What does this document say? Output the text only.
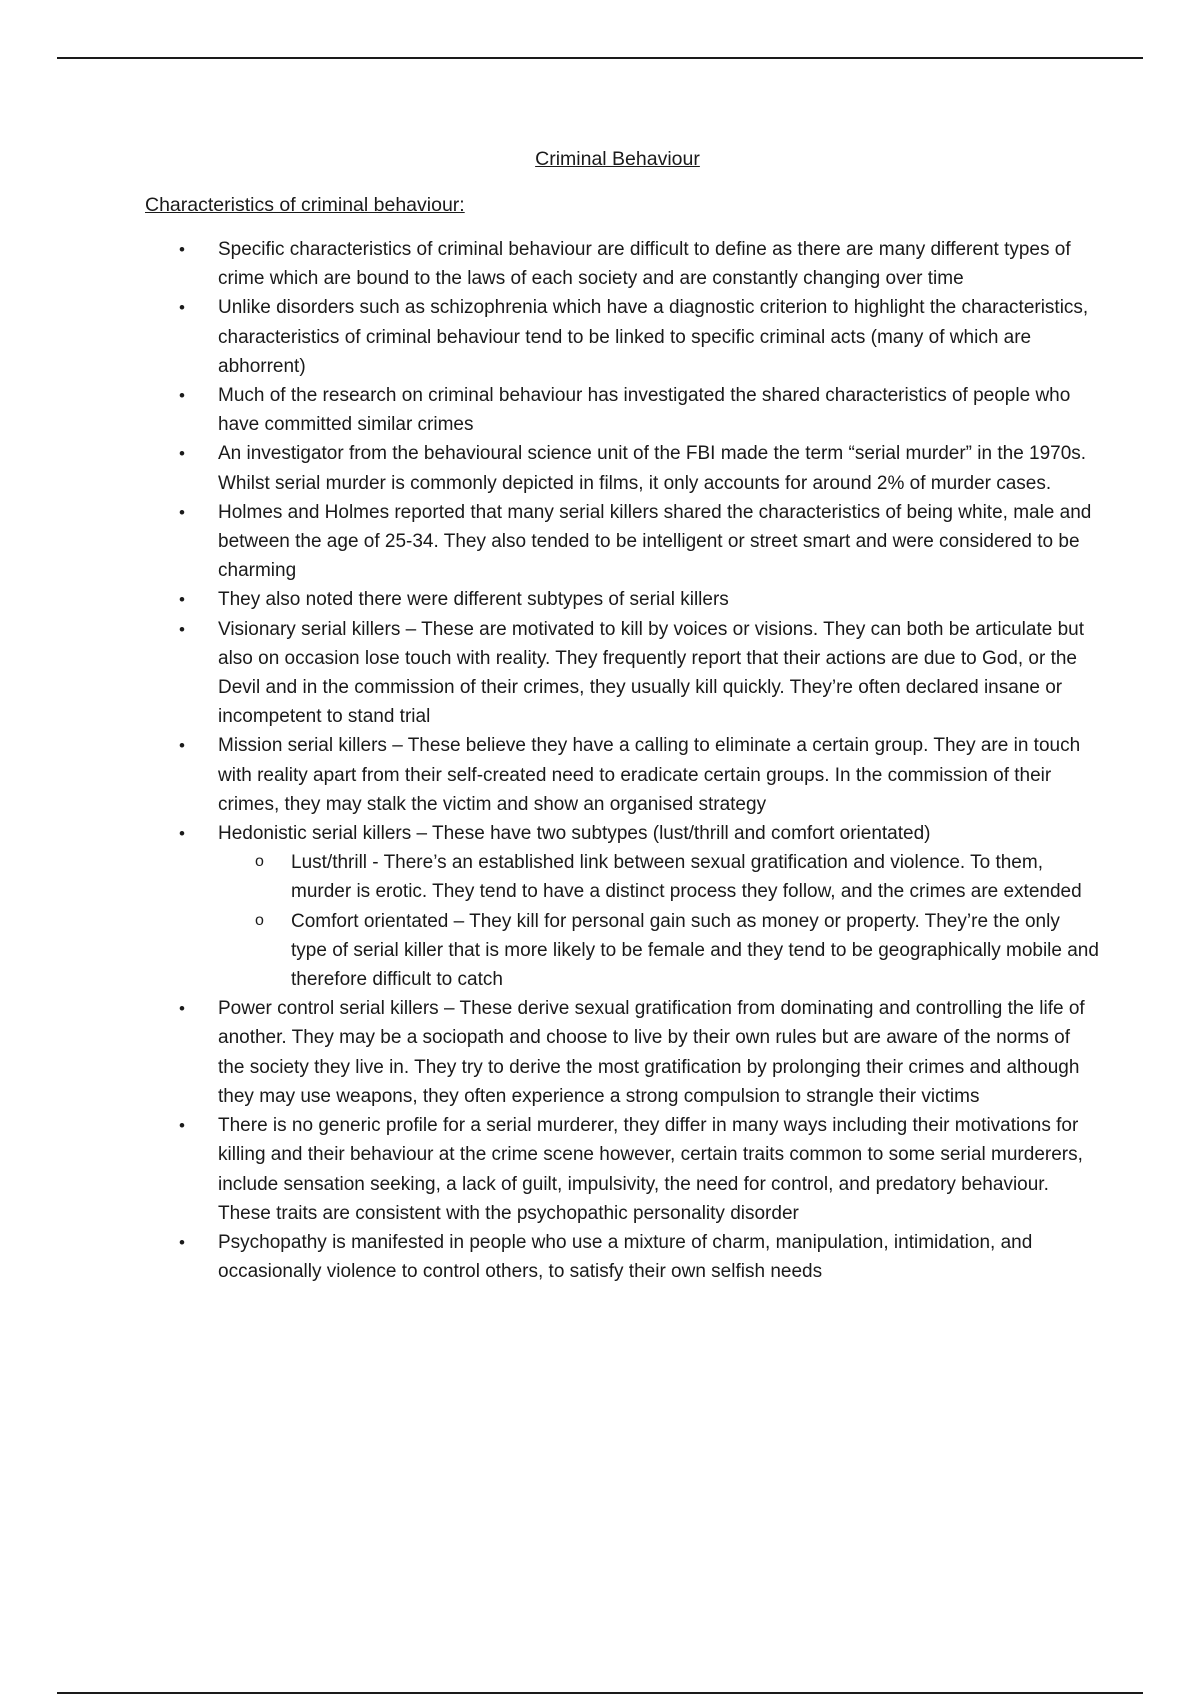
Criminal Behaviour
Characteristics of criminal behaviour:
• Specific characteristics of criminal behaviour are difficult to define as there are many different types of crime which are bound to the laws of each society and are constantly changing over time
• Unlike disorders such as schizophrenia which have a diagnostic criterion to highlight the characteristics, characteristics of criminal behaviour tend to be linked to specific criminal acts (many of which are abhorrent)
• Much of the research on criminal behaviour has investigated the shared characteristics of people who have committed similar crimes
• An investigator from the behavioural science unit of the FBI made the term “serial murder” in the 1970s. Whilst serial murder is commonly depicted in films, it only accounts for around 2% of murder cases.
• Holmes and Holmes reported that many serial killers shared the characteristics of being white, male and between the age of 25-34. They also tended to be intelligent or street smart and were considered to be charming
• They also noted there were different subtypes of serial killers
• Visionary serial killers – These are motivated to kill by voices or visions. They can both be articulate but also on occasion lose touch with reality. They frequently report that their actions are due to God, or the Devil and in the commission of their crimes, they usually kill quickly. They’re often declared insane or incompetent to stand trial
• Mission serial killers – These believe they have a calling to eliminate a certain group. They are in touch with reality apart from their self-created need to eradicate certain groups. In the commission of their crimes, they may stalk the victim and show an organised strategy
• Hedonistic serial killers – These have two subtypes (lust/thrill and comfort orientated)
o Lust/thrill - There’s an established link between sexual gratification and violence. To them, murder is erotic. They tend to have a distinct process they follow, and the crimes are extended
o Comfort orientated – They kill for personal gain such as money or property. They’re the only type of serial killer that is more likely to be female and they tend to be geographically mobile and therefore difficult to catch
• Power control serial killers – These derive sexual gratification from dominating and controlling the life of another. They may be a sociopath and choose to live by their own rules but are aware of the norms of the society they live in. They try to derive the most gratification by prolonging their crimes and although they may use weapons, they often experience a strong compulsion to strangle their victims
• There is no generic profile for a serial murderer, they differ in many ways including their motivations for killing and their behaviour at the crime scene however, certain traits common to some serial murderers, include sensation seeking, a lack of guilt, impulsivity, the need for control, and predatory behaviour. These traits are consistent with the psychopathic personality disorder
• Psychopathy is manifested in people who use a mixture of charm, manipulation, intimidation, and occasionally violence to control others, to satisfy their own selfish needs
